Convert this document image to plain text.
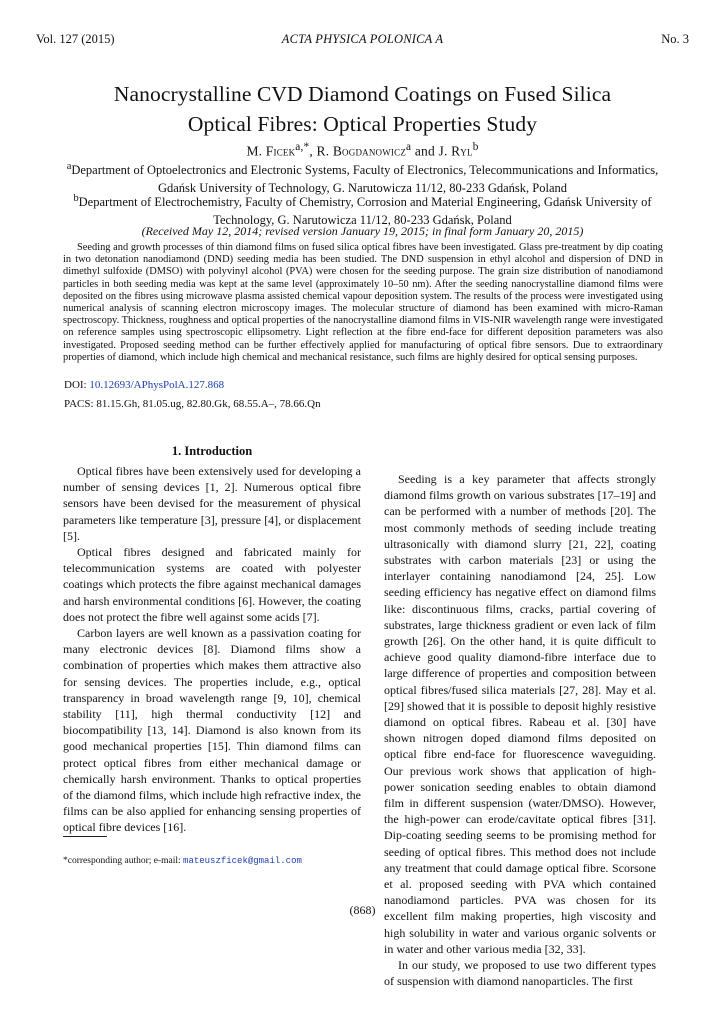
Vol. 127 (2015)	ACTA PHYSICA POLONICA A	No. 3
Nanocrystalline CVD Diamond Coatings on Fused Silica
Optical Fibres: Optical Properties Study
M. Ficek$^{a,*}$, R. Bogdanowicz$^a$ and J. Ryl$^b$
$^a$Department of Optoelectronics and Electronic Systems, Faculty of Electronics, Telecommunications and Informatics, Gdańsk University of Technology, G. Narutowicza 11/12, 80-233 Gdańsk, Poland
$^b$Department of Electrochemistry, Faculty of Chemistry, Corrosion and Material Engineering, Gdańsk University of Technology, G. Narutowicza 11/12, 80-233 Gdańsk, Poland
(Received May 12, 2014; revised version January 19, 2015; in final form January 20, 2015)

Seeding and growth processes of thin diamond films on fused silica optical fibres have been investigated. Glass pre-treatment by dip coating in two detonation nanodiamond (DND) seeding media has been studied. The DND suspension in ethyl alcohol and dispersion of DND in dimethyl sulfoxide (DMSO) with polyvinyl alcohol (PVA) were chosen for the seeding purpose. The grain size distribution of nanodiamond particles in both seeding media was kept at the same level (approximately 10–50 nm). After the seeding nanocrystalline diamond films were deposited on the fibres using microwave plasma assisted chemical vapour deposition system. The results of the process were investigated using numerical analysis of scanning electron microscopy images. The molecular structure of diamond has been examined with micro-Raman spectroscopy. Thickness, roughness and optical properties of the nanocrystalline diamond films in VIS-NIR wavelength range were investigated on reference samples using spectroscopic ellipsometry. Light reflection at the fibre end-face for different deposition parameters was also investigated. Proposed seeding method can be further effectively applied for manufacturing of optical fibre sensors. Due to extraordinary properties of diamond, which include high chemical and mechanical resistance, such films are highly desired for optical sensing purposes.

DOI: 10.12693/APhysPolA.127.868
PACS: 81.15.Gh, 81.05.ug, 82.80.Gk, 68.55.A–, 78.66.Qn
1. Introduction

Optical fibres have been extensively used for developing a number of sensing devices [1, 2]. Numerous optical fibre sensors have been devised for the measurement of physical parameters like temperature [3], pressure [4], or displacement [5].

Optical fibres designed and fabricated mainly for telecommunication systems are coated with polyester coatings which protects the fibre against mechanical damages and harsh environmental conditions [6]. However, the coating does not protect the fibre well against some acids [7].

Carbon layers are well known as a passivation coating for many electronic devices [8]. Diamond films show a combination of properties which makes them attractive also for sensing devices. The properties include, e.g., optical transparency in broad wavelength range [9, 10], chemical stability [11], high thermal conductivity [12] and biocompatibility [13, 14]. Diamond is also known from its good mechanical properties [15]. Thin diamond films can protect optical fibres from either mechanical damage or chemically harsh environment. Thanks to optical properties of the diamond films, which include high refractive index, the films can be also applied for enhancing sensing properties of optical fibre devices [16].

Seeding is a key parameter that affects strongly diamond films growth on various substrates [17–19] and can be performed with a number of methods [20]. The most commonly methods of seeding include treating ultrasonically with diamond slurry [21, 22], coating substrates with carbon materials [23] or using the interlayer containing nanodiamond [24, 25]. Low seeding efficiency has negative effect on diamond films like: discontinuous films, cracks, partial covering of substrates, large thickness gradient or even lack of film growth [26]. On the other hand, it is quite difficult to achieve good quality diamond-fibre interface due to large difference of properties and composition between optical fibres/fused silica materials [27, 28]. May et al. [29] showed that it is possible to deposit highly resistive diamond on optical fibres. Rabeau et al. [30] have shown nitrogen doped diamond films deposited on optical fibre end-face for fluorescence waveguiding. Our previous work shows that application of high-power sonication seeding enables to obtain diamond film in different suspension (water/DMSO). However, the high-power can erode/cavitate optical fibres [31]. Dip-coating seeding seems to be promising method for seeding of optical fibres. This method does not include any treatment that could damage optical fibre. Scorsone et al. proposed seeding with PVA which contained nanodiamond particles. PVA was chosen for its excellent film making properties, high viscosity and high solubility in water and various organic solvents or in water and other various media [32, 33].

In our study, we proposed to use two different types of suspension with diamond nanoparticles. The first

*corresponding author; e-mail: mateuszficek@gmail.com
(868)
